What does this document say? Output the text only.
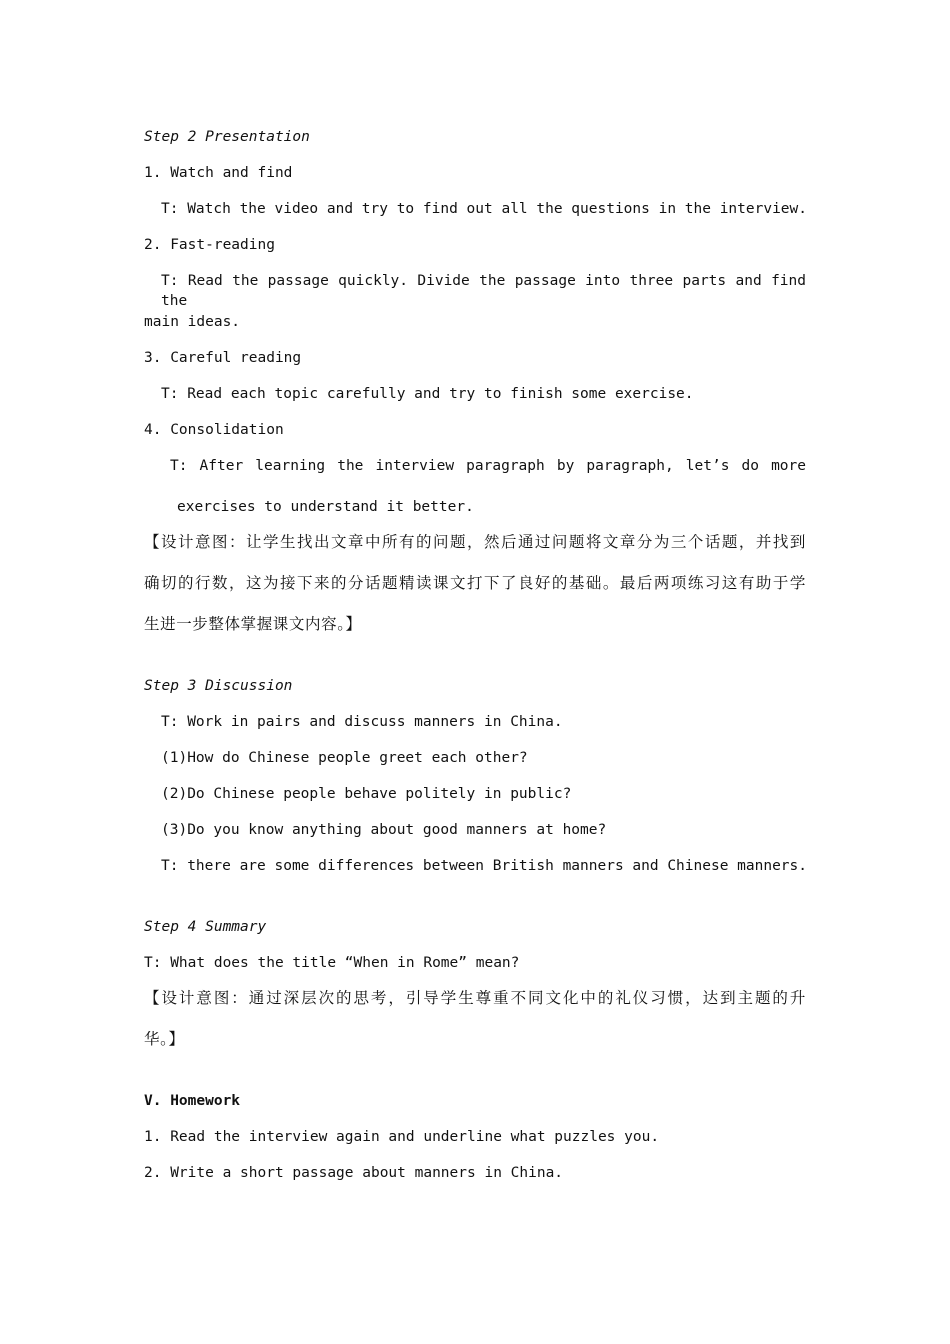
Step 2 Presentation
1. Watch and find
T: Watch the video and try to find out all the questions in the interview.
2. Fast-reading
T: Read the passage quickly. Divide the passage into three parts and find the
main ideas.
3. Careful reading
T: Read each topic carefully and try to finish some exercise.
4. Consolidation
T: After learning the interview paragraph by paragraph, let’s do more
exercises to understand it better.
【设计意图：让学生找出文章中所有的问题，然后通过问题将文章分为三个话题，并找到
确切的行数，这为接下来的分话题精读课文打下了良好的基础。最后两项练习这有助于学
生进一步整体掌握课文内容。】
Step 3 Discussion
T: Work in pairs and discuss manners in China.
(1)How do Chinese people greet each other?
(2)Do Chinese people behave politely in public?
(3)Do you know anything about good manners at home?
T: there are some differences between British manners and Chinese manners.
Step 4 Summary
T: What does the title “When in Rome” mean?
【设计意图：通过深层次的思考，引导学生尊重不同文化中的礼仪习惯，达到主题的升
华。】
V. Homework
1. Read the interview again and underline what puzzles you.
2. Write a short passage about manners in China.
